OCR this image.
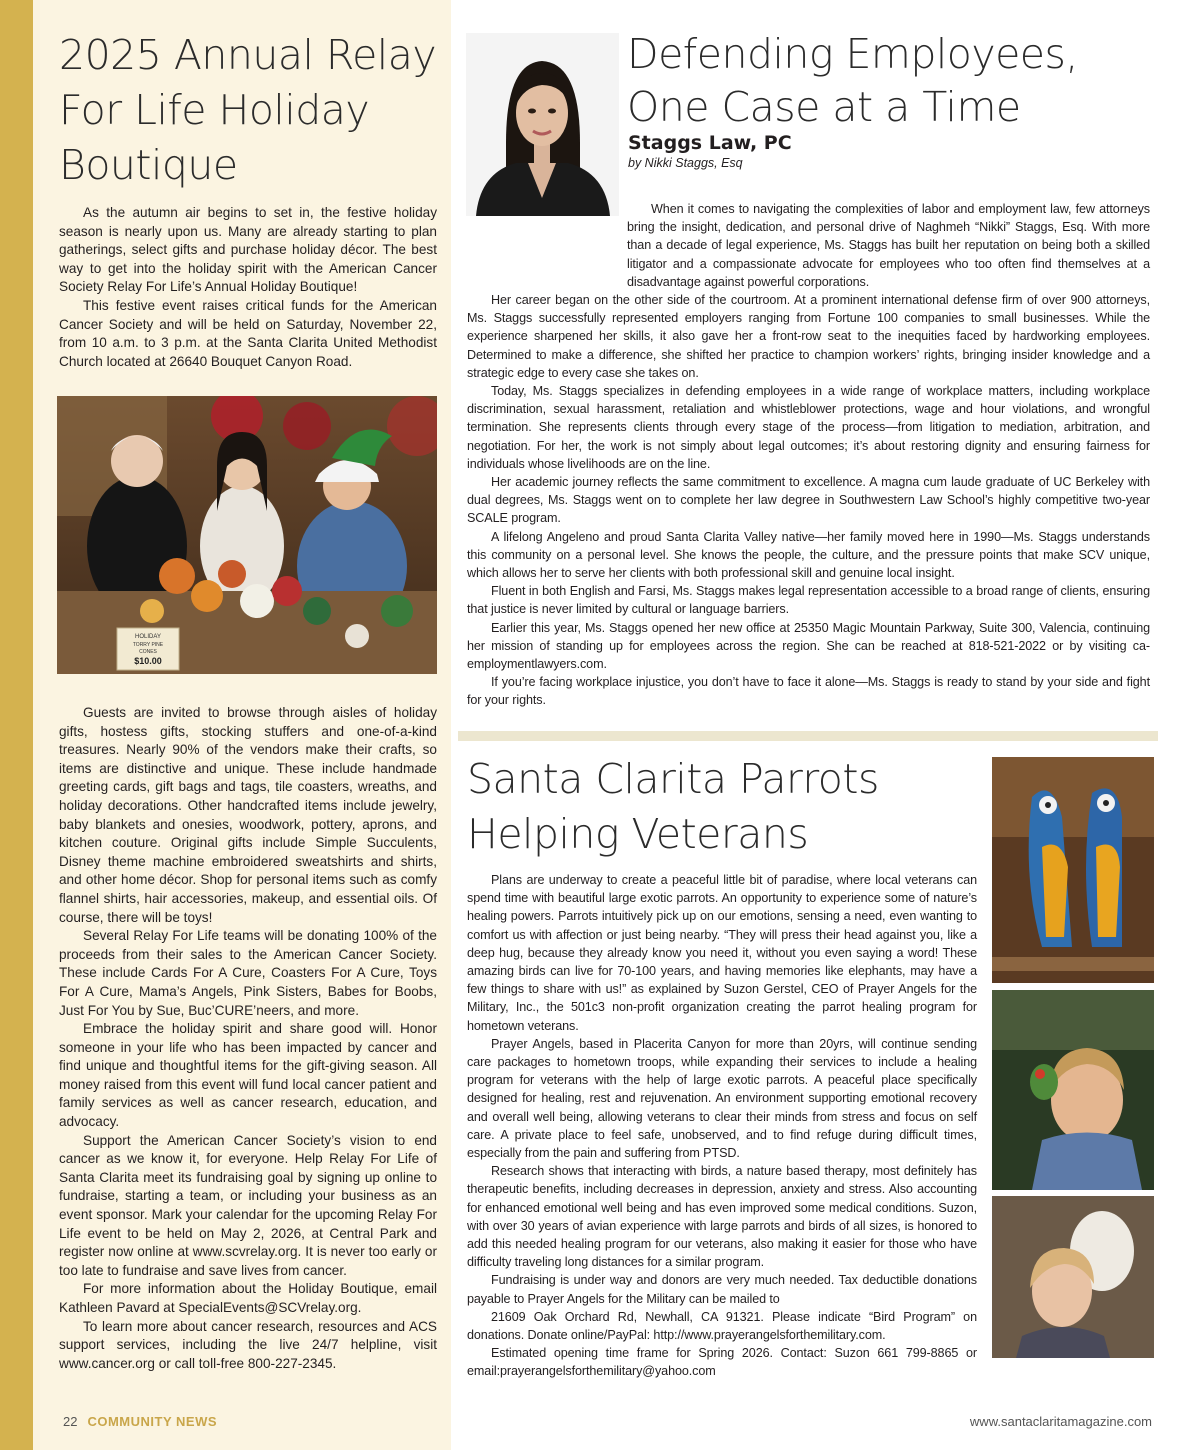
2025 Annual Relay For Life Holiday Boutique

As the autumn air begins to set in, the festive holiday season is nearly upon us. Many are already starting to plan gatherings, select gifts and purchase holiday décor. The best way to get into the holiday spirit with the American Cancer Society Relay For Life’s Annual Holiday Boutique!

This festive event raises critical funds for the American Cancer Society and will be held on Saturday, November 22, from 10 a.m. to 3 p.m. at the Santa Clarita United Methodist Church located at 26640 Bouquet Canyon Road.

HOLIDAY
TORRY PINE
CONES
$10.00

Guests are invited to browse through aisles of holiday gifts, hostess gifts, stocking stuffers and one-of-a-kind treasures. Nearly 90% of the vendors make their crafts, so items are distinctive and unique. These include handmade greeting cards, gift bags and tags, tile coasters, wreaths, and holiday decorations. Other handcrafted items include jewelry, baby blankets and onesies, woodwork, pottery, aprons, and kitchen couture. Original gifts include Simple Succulents, Disney theme machine embroidered sweatshirts and shirts, and other home décor. Shop for personal items such as comfy flannel shirts, hair accessories, makeup, and essential oils. Of course, there will be toys!

Several Relay For Life teams will be donating 100% of the proceeds from their sales to the American Cancer Society. These include Cards For A Cure, Coasters For A Cure, Toys For A Cure, Mama’s Angels, Pink Sisters, Babes for Boobs, Just For You by Sue, Buc’CURE’neers, and more.

Embrace the holiday spirit and share good will. Honor someone in your life who has been impacted by cancer and find unique and thoughtful items for the gift-giving season. All money raised from this event will fund local cancer patient and family services as well as cancer research, education, and advocacy.

Support the American Cancer Society’s vision to end cancer as we know it, for everyone. Help Relay For Life of Santa Clarita meet its fundraising goal by signing up online to fundraise, starting a team, or including your business as an event sponsor. Mark your calendar for the upcoming Relay For Life event to be held on May 2, 2026, at Central Park and register now online at www.scvrelay.org. It is never too early or too late to fundraise and save lives from cancer.

For more information about the Holiday Boutique, email Kathleen Pavard at SpecialEvents@SCVrelay.org.

To learn more about cancer research, resources and ACS support services, including the live 24/7 helpline, visit www.cancer.org or call toll-free 800-227-2345.

Defending Employees, One Case at a Time
Staggs Law, PC
by Nikki Staggs, Esq

When it comes to navigating the complexities of labor and employment law, few attorneys bring the insight, dedication, and personal drive of Naghmeh “Nikki” Staggs, Esq. With more than a decade of legal experience, Ms. Staggs has built her reputation on being both a skilled litigator and a compassionate advocate for employees who too often find themselves at a disadvantage against powerful corporations.

Her career began on the other side of the courtroom. At a prominent international defense firm of over 900 attorneys, Ms. Staggs successfully represented employers ranging from Fortune 100 companies to small businesses. While the experience sharpened her skills, it also gave her a front-row seat to the inequities faced by hardworking employees. Determined to make a difference, she shifted her practice to champion workers’ rights, bringing insider knowledge and a strategic edge to every case she takes on.

Today, Ms. Staggs specializes in defending employees in a wide range of workplace matters, including workplace discrimination, sexual harassment, retaliation and whistleblower protections, wage and hour violations, and wrongful termination. She represents clients through every stage of the process—from litigation to mediation, arbitration, and negotiation. For her, the work is not simply about legal outcomes; it’s about restoring dignity and ensuring fairness for individuals whose livelihoods are on the line.

Her academic journey reflects the same commitment to excellence. A magna cum laude graduate of UC Berkeley with dual degrees, Ms. Staggs went on to complete her law degree in Southwestern Law School’s highly competitive two-year SCALE program.

A lifelong Angeleno and proud Santa Clarita Valley native—her family moved here in 1990—Ms. Staggs understands this community on a personal level. She knows the people, the culture, and the pressure points that make SCV unique, which allows her to serve her clients with both professional skill and genuine local insight.

Fluent in both English and Farsi, Ms. Staggs makes legal representation accessible to a broad range of clients, ensuring that justice is never limited by cultural or language barriers.

Earlier this year, Ms. Staggs opened her new office at 25350 Magic Mountain Parkway, Suite 300, Valencia, continuing her mission of standing up for employees across the region. She can be reached at 818-521-2022 or by visiting ca-employmentlawyers.com.

If you’re facing workplace injustice, you don’t have to face it alone—Ms. Staggs is ready to stand by your side and fight for your rights.

Santa Clarita Parrots Helping Veterans

Plans are underway to create a peaceful little bit of paradise, where local veterans can spend time with beautiful large exotic parrots. An opportunity to experience some of nature’s healing powers. Parrots intuitively pick up on our emotions, sensing a need, even wanting to comfort us with affection or just being nearby. “They will press their head against you, like a deep hug, because they already know you need it, without you even saying a word! These amazing birds can live for 70-100 years, and having memories like elephants, may have a few things to share with us!” as explained by Suzon Gerstel, CEO of Prayer Angels for the Military, Inc., the 501c3 non-profit organization creating the parrot healing program for hometown veterans.

Prayer Angels, based in Placerita Canyon for more than 20yrs, will continue sending care packages to hometown troops, while expanding their services to include a healing program for veterans with the help of large exotic parrots. A peaceful place specifically designed for healing, rest and rejuvenation. An environment supporting emotional recovery and overall well being, allowing veterans to clear their minds from stress and focus on self care. A private place to feel safe, unobserved, and to find refuge during difficult times, especially from the pain and suffering from PTSD.

Research shows that interacting with birds, a nature based therapy, most definitely has therapeutic benefits, including decreases in depression, anxiety and stress. Also accounting for enhanced emotional well being and has even improved some medical conditions. Suzon, with over 30 years of avian experience with large parrots and birds of all sizes, is honored to add this needed healing program for our veterans, also making it easier for those who have difficulty traveling long distances for a similar program.

Fundraising is under way and donors are very much needed. Tax deductible donations payable to Prayer Angels for the Military can be mailed to

21609 Oak Orchard Rd, Newhall, CA 91321. Please indicate “Bird Program” on donations. Donate online/PayPal: http://www.prayerangelsforthemilitary.com.

Estimated opening time frame for Spring 2026. Contact: Suzon 661 799-8865 or email:prayerangelsforthemilitary@yahoo.com

22 COMMUNITY NEWS	www.santaclaritamagazine.com
